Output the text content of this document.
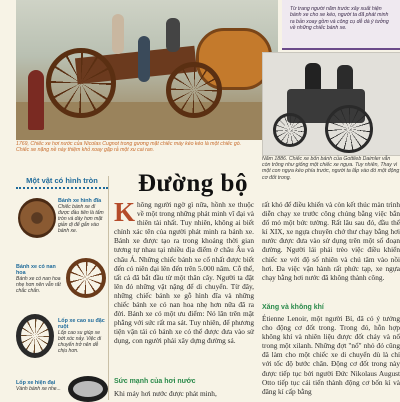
1769, Chiếc xe hơi nước của Nicolas Cugnot trong gương mặt chiếc máy kéo kéo là một chiếc gò. Chiếc xe nặng nề này thiệm khỏ xoay gặp rả một xu cai ran.

Từ trang người năm trước xây xuất hiện bánh xe cho xe kéo, người ta đã phát minh ra bản xoay gồm và công cụ dễ dà ý tưởng về những chiếc bánh xe.

Năm 1886. Chiếc xe bốn bánh của Gottlieb Daimler vẫn còn trông như giống một chiếc xe ngựa. Tuy nhiên, Thay vì một con ngựa kéo phía trước, người ta lắp vào đó một động cơ đốt trong.
Một vật có hình tròn
Bánh xe hình đĩa
Chiếc bánh xe đi được đầu tiên là tấm tròn và dày hơn mặt giản dị để gắn vào bánh xe.
Bánh xe có nan hoa
Bánh xe có nan hoa nhẹ hơn nên vẫn rất chắc chắn.
Lốp xe cao su đặc ruột
Lốp cao su giúp xe bớt xóc nảy. Việc di chuyển trở nên dễ chịu hơn.
Lốp xe hiện đại
Vành bánh xe nhe...
Đường bộ
K hông người ngờ gì nữa, hồnh xe thuộc về một trong những phát minh vĩ đại và thiên tài nhất. Tuy nhiên, không ai biết chính xác tên của người phát minh ra bánh xe. Bánh xe được tạo ra trong khoảng thời gian tương tự nhau tại nhiều địa điểm ở châu Âu và châu Á. Những chiếc bánh xe cổ nhất được biết đến có niên đại lên đến trên 5.000 năm. Cỗ thể, tất cả đã bắt đầu từ một thân cây. Người ta đặt lên đó những vật nặng để di chuyển. Từ đây, những chiếc bánh xe gỗ hình đĩa và những chiếc bánh xe có nan hoa nhẹ hơn nữa đã ra đời. Bánh xe có một ưu điểm: Nó lăn trên mặt phẳng với sức rất ma sát. Tuy nhiên, để phương tiện vận tải có bánh xe có thể được đưa vào sử dụng, con người phải xây dựng đường sá.
Sức mạnh của hơi nước
Khi máy hơi nước được phát minh,
rất khó để điều khiển và còn kết thúc màn trình diễn chạy xe trước công chúng bằng việc bắn đổ mỏ một bức tường. Rất lâu sau đó, đầu thế kỉ XIX, xe ngựa chuyên chở thư chạy bằng hơi nước được đưa vào sử dụng trên một số đoạn đường. Người lái phải trèo việc điều khiển chiếc xe với độ số nhiên và chú tâm vào nồi hơi. Đa việc vận hành rất phức tạp, xe ngựa chạy bằng hơi nước đã không thành công.
Xăng và không khí
Étienne Lenoir, một người Bỉ, đã có ý tưởng cho động cơ đốt trong. Trong đó, hỗn hợp không khí và nhiên liệu được đốt cháy và nổ trong một xilanh. Những đợt "nổ" nhỏ đó cũng đã làm cho một chiếc xe di chuyển dù là chỉ với tốc độ bước chân. Động cơ đốt trong này được tiếp tục bởi người Đức Nikolaus August Otto tiếp tục cải tiến thành động cơ bốn kì và đăng kí cấp bằng
